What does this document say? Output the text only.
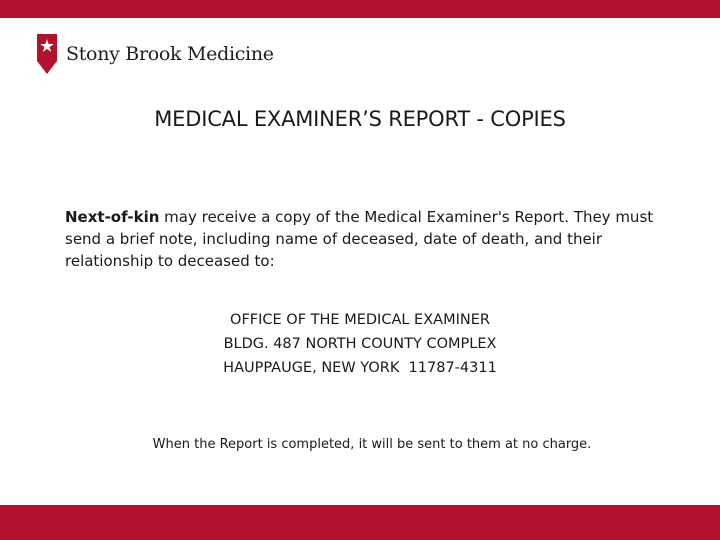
Stony Brook Medicine
MEDICAL EXAMINER’S REPORT - COPIES
Next-of-kin may receive a copy of the Medical Examiner's Report. They must send a brief note, including name of deceased, date of death, and their relationship to deceased to:
OFFICE OF THE MEDICAL EXAMINER
BLDG. 487 NORTH COUNTY COMPLEX
HAUPPAUGE, NEW YORK  11787-4311
When the Report is completed, it will be sent to them at no charge.
